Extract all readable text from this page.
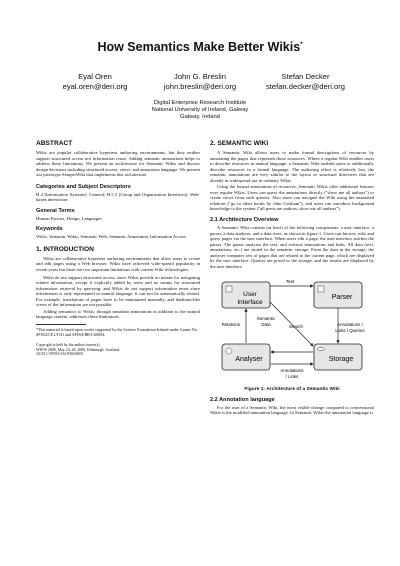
How Semantics Make Better Wikis*
Eyal Oren
eyal.oren@deri.org
John G. Breslin
john.breslin@deri.org
Stefan Decker
stefan.decker@deri.org
Digital Enterprise Research Institute
National University of Ireland, Galway
Galway, Ireland
ABSTRACT

Wikis are popular collaborative hypertext authoring environments, but they neither support structured access nor information reuse. Adding semantic annotations helps to address these limitations. We present an architecture for Semantic Wikis and discuss design decisions including structured access, views, and annotation language. We present our prototype SemperWiki that implements this architecture.

Categories and Subject Descriptors

H.4 [Information Systems]: General; H.5.3 [Group and Organization Interfaces]: Web-based interaction

General Terms

Human Factors, Design, Languages

Keywords

Wikis, Semantic Wikis, Semantic Web, Semantic Annotation, Information Access

1. INTRODUCTION

Wikis are collaborative hypertext authoring environments that allow users to create and edit pages using a Web browser. Wikis have achieved wide-spread popularity in recent years but there are two important limitations with current Wiki technologies.

Wikis do not support structured access, since Wikis provide no means for navigating related information, except if explicitly added by users and no means for structured information retrieval by querying; and Wikis do not support information reuse since information is only represented in natural language, it can not be automatically reused. For example, translations of pages have to be maintained manually, and database-like views of the information are not possible.

Adding semantics to Wikis, through metadata annotations in addition to the natural language content, addresses these limitations.

*This material is based upon works supported by the Science Foundation Ireland under Grants No. SFI/02/CE1/I131 and SFI/04/BR/CS0694.

Copyright is held by the author/owner(s).
WWW 2006, May 23–26, 2006, Edinburgh, Scotland.
ACM 1-59593-332-9/06/0005.
2. SEMANTIC WIKI

A Semantic Wiki allows users to make formal descriptions of resources by annotating the pages that represent those resources. Where a regular Wiki enables users to describe resources in natural language, a Semantic Wiki enables users to additionally describe resources in a formal language. The authoring effort is relatively low, the semantic annotations are very similar to the layout or structural directives that are already in widespread use in ordinary Wikis.

Using the formal annotations of resources, Semantic Wikis offer additional features over regular Wikis. Users can query the annotations directly ("show me all authors") or create views from such queries. Also users can navigate the Wiki using the annotated relations ("go to other books by John Grisham"), and users can introduce background knowledge to the system ("all poets are authors; show me all authors").

2.1 Architecture Overview

A Semantic Wiki consists (at least) of the following components: a user interface, a parser, a data analyser, and a data store, as shown in figure 1. Users can browse, edit, and query pages via the user interface. When users edit a page, the user interface notifies the parser. The parser analyses the text, and extracts annotations and links. All data (text, annotations, etc.) are stored in the semantic storage. From the data in the storage, the analyser computes sets of pages that are related to the current page, which are displayed by the user interface. Queries are posed to the storage, and the results are displayed by the user interface.

User
Interface
Parser
Analyser	Storage
Text
Relations
Semantic
Data	Search	Annotations /
Links / Queries
Annotations
/ Links
Figure 1: Architecture of a Semantic Wiki
2.2 Annotation language

For the user of a Semantic Wiki, the most visible change compared to conventional Wikis is the modified annotation language. In Semantic Wikis the annotation language is
